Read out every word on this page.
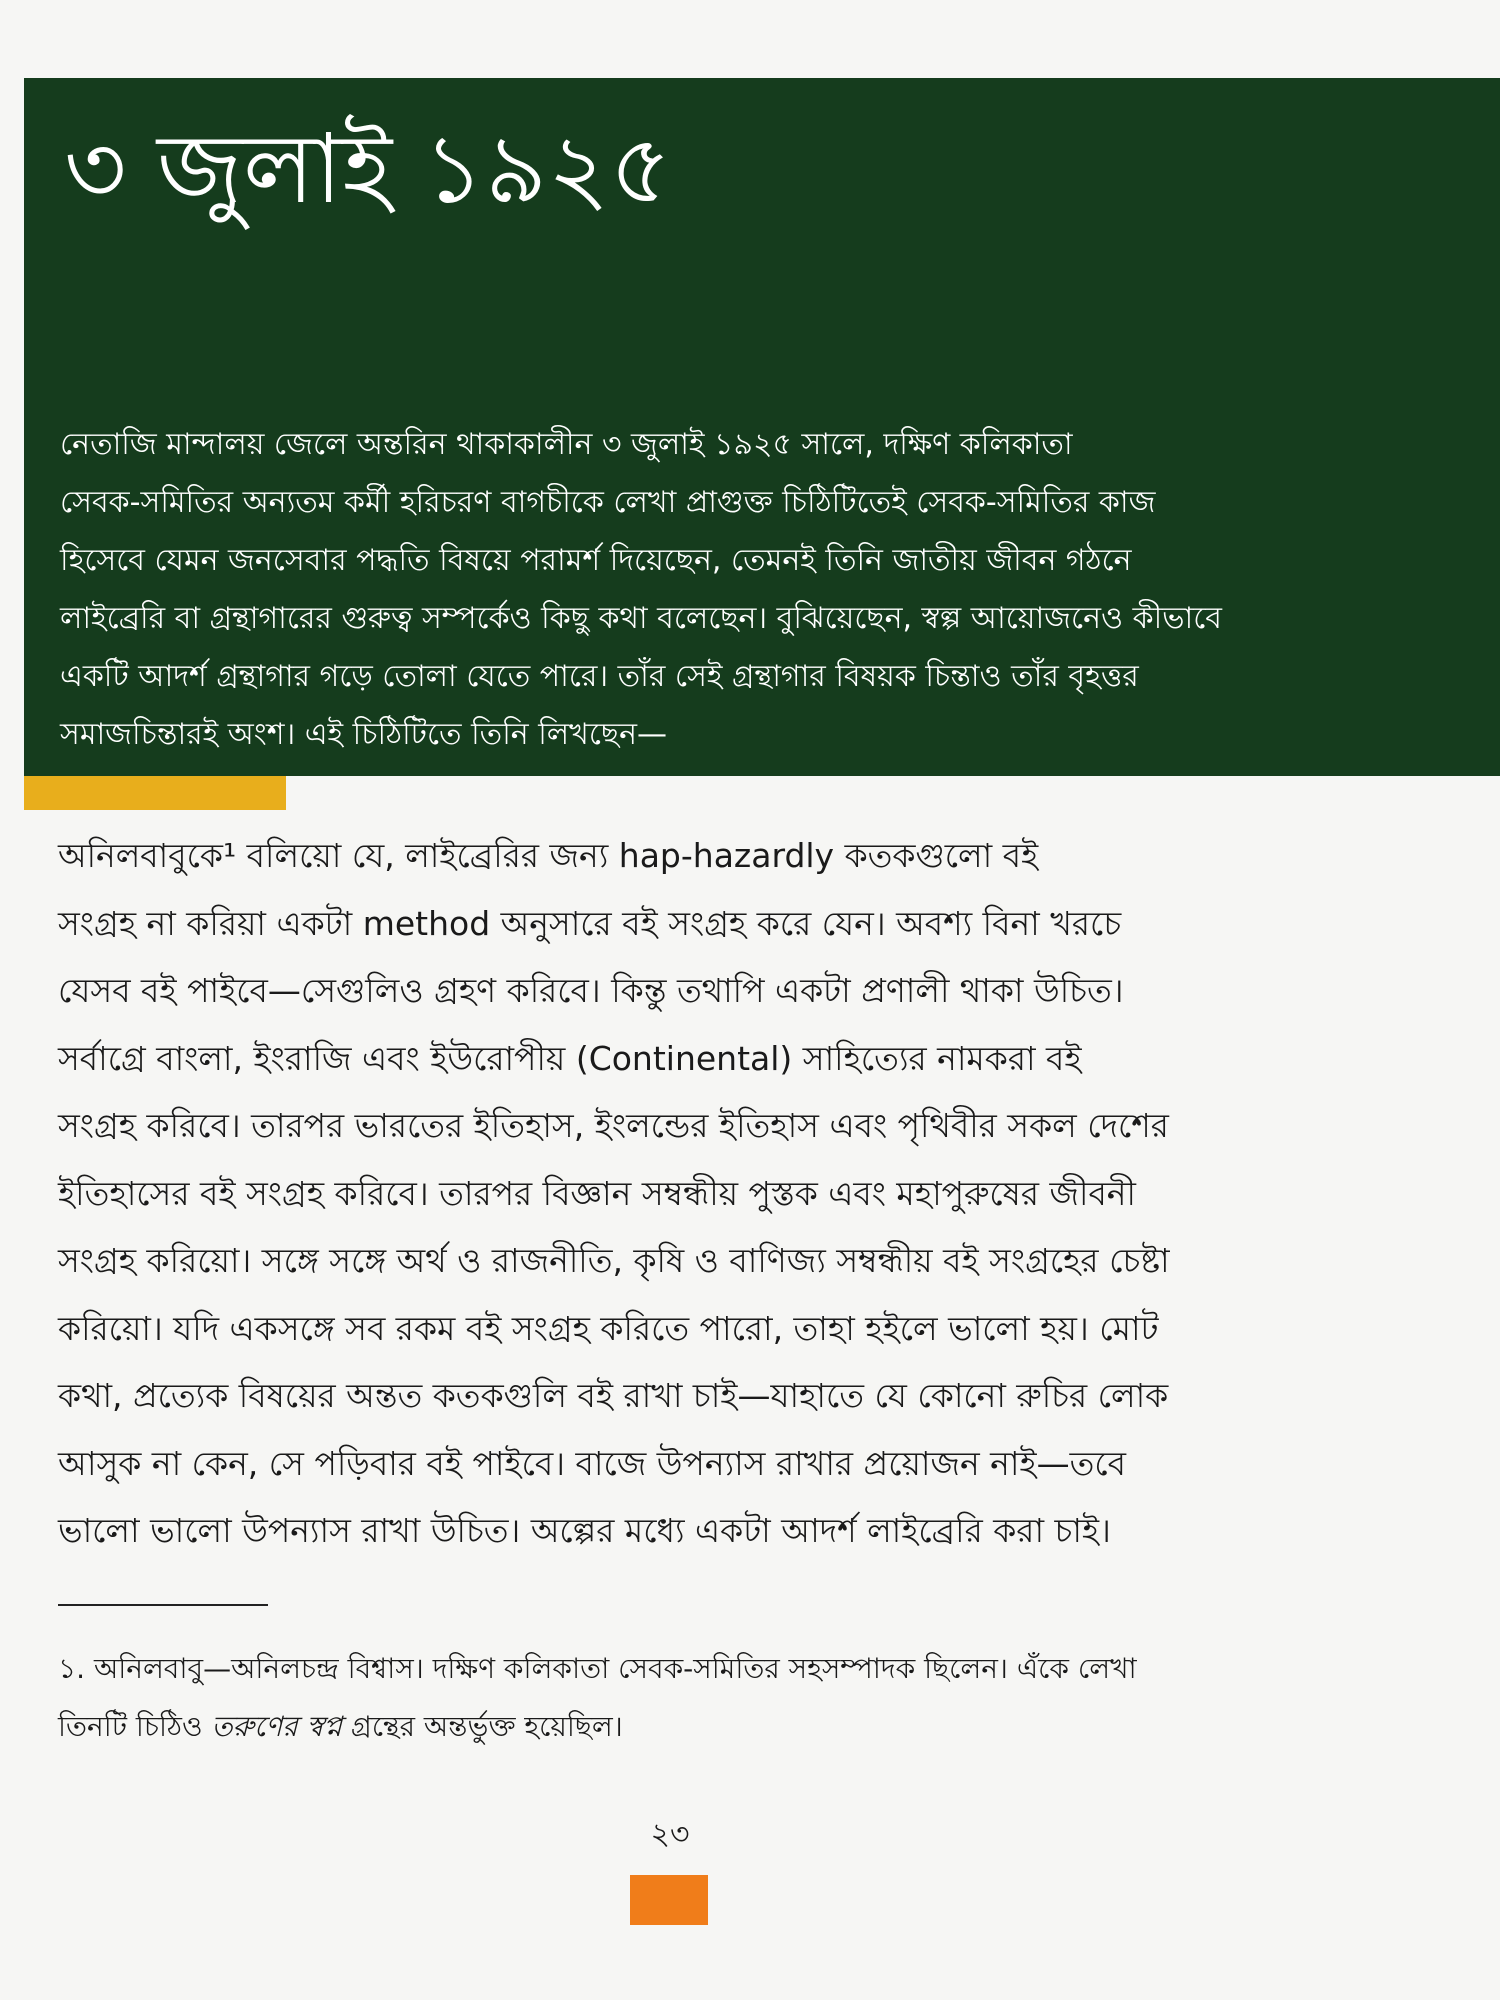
৩ জুলাই ১৯২৫

নেতাজি মান্দালয় জেলে অন্তরিন থাকাকালীন ৩ জুলাই ১৯২৫ সালে, দক্ষিণ কলিকাতা
সেবক-সমিতির অন্যতম কর্মী হরিচরণ বাগচীকে লেখা প্রাগুক্ত চিঠিটিতেই সেবক-সমিতির কাজ
হিসেবে যেমন জনসেবার পদ্ধতি বিষয়ে পরামর্শ দিয়েছেন, তেমনই তিনি জাতীয় জীবন গঠনে
লাইব্রেরি বা গ্রন্থাগারের গুরুত্ব সম্পর্কেও কিছু কথা বলেছেন। বুঝিয়েছেন, স্বল্প আয়োজনেও কীভাবে
একটি আদর্শ গ্রন্থাগার গড়ে তোলা যেতে পারে। তাঁর সেই গ্রন্থাগার বিষয়ক চিন্তাও তাঁর বৃহত্তর
সমাজচিন্তারই অংশ। এই চিঠিটিতে তিনি লিখছেন—

অনিলবাবুকে¹ বলিয়ো যে, লাইব্রেরির জন্য hap-hazardly কতকগুলো বই
সংগ্রহ না করিয়া একটা method অনুসারে বই সংগ্রহ করে যেন। অবশ্য বিনা খরচে
যেসব বই পাইবে—সেগুলিও গ্রহণ করিবে। কিন্তু তথাপি একটা প্রণালী থাকা উচিত।
সর্বাগ্রে বাংলা, ইংরাজি এবং ইউরোপীয় (Continental) সাহিত্যের নামকরা বই
সংগ্রহ করিবে। তারপর ভারতের ইতিহাস, ইংলন্ডের ইতিহাস এবং পৃথিবীর সকল দেশের
ইতিহাসের বই সংগ্রহ করিবে। তারপর বিজ্ঞান সম্বন্ধীয় পুস্তক এবং মহাপুরুষের জীবনী
সংগ্রহ করিয়ো। সঙ্গে সঙ্গে অর্থ ও রাজনীতি, কৃষি ও বাণিজ্য সম্বন্ধীয় বই সংগ্রহের চেষ্টা
করিয়ো। যদি একসঙ্গে সব রকম বই সংগ্রহ করিতে পারো, তাহা হইলে ভালো হয়। মোট
কথা, প্রত্যেক বিষয়ের অন্তত কতকগুলি বই রাখা চাই—যাহাতে যে কোনো রুচির লোক
আসুক না কেন, সে পড়িবার বই পাইবে। বাজে উপন্যাস রাখার প্রয়োজন নাই—তবে
ভালো ভালো উপন্যাস রাখা উচিত। অল্পের মধ্যে একটা আদর্শ লাইব্রেরি করা চাই।

১. অনিলবাবু—অনিলচন্দ্র বিশ্বাস। দক্ষিণ কলিকাতা সেবক-সমিতির সহসম্পাদক ছিলেন। এঁকে লেখা
তিনটি চিঠিও তরুণের স্বপ্ন গ্রন্থের অন্তর্ভুক্ত হয়েছিল।

২৩
